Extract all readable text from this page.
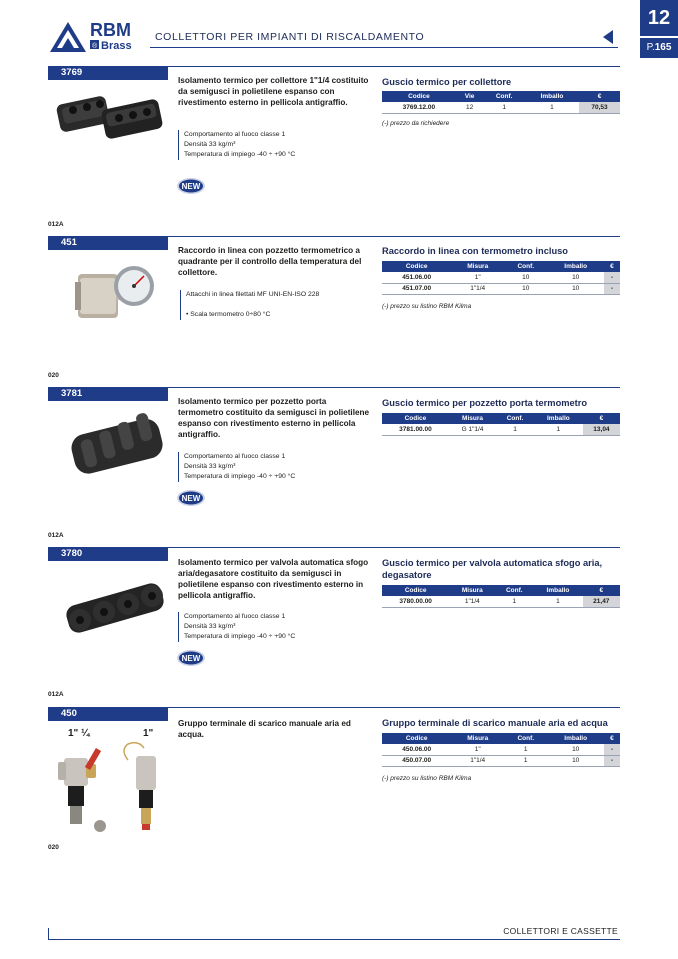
RBM
® Brass
COLLETTORI PER IMPIANTI DI RISCALDAMENTO
12
P.165
3769
Isolamento termico per collettore 1"1/4 costituito da semigusci in polietilene espanso con rivestimento esterno in pellicola antigraffio.
Comportamento al fuoco classe 1
Densità 33 kg/m³
Temperatura di impiego -40 ÷ +90 °C
NEW
Guscio termico per collettore
Codice	Vie	Conf.	Imballo	€
3769.12.00	12	1	1	70,53
(-) prezzo da richiedere
012A
451
Raccordo in linea con pozzetto termometrico a quadrante per il controllo della temperatura del collettore.
Attacchi in linea filettati MF UNI-EN-ISO 228

• Scala termometro 0÷80 °C
Raccordo in linea con termometro incluso
Codice	Misura	Conf.	Imballo	€
451.06.00	1"	10	10	-
451.07.00	1"1/4	10	10	-
(-) prezzo su listino RBM Kilma
020
3781
Isolamento termico per pozzetto porta termometro costituito da semigusci in polietilene espanso con rivestimento esterno in pellicola antigraffio.
Comportamento al fuoco classe 1
Densità 33 kg/m³
Temperatura di impiego -40 ÷ +90 °C
NEW
Guscio termico per pozzetto porta termometro
Codice	Misura	Conf.	Imballo	€
3781.00.00	G 1"1/4	1	1	13,04
012A
3780
Isolamento termico per valvola automatica sfogo aria/degasatore costituito da semigusci in polietilene espanso con rivestimento esterno in pellicola antigraffio.
Comportamento al fuoco classe 1
Densità 33 kg/m³
Temperatura di impiego -40 ÷ +90 °C
NEW
Guscio termico per valvola automatica sfogo aria, degasatore
Codice	Misura	Conf.	Imballo	€
3780.00.00	1"1/4	1	1	21,47
012A
450
1" ¼	1"
Gruppo terminale di scarico manuale aria ed acqua.
Gruppo terminale di scarico manuale aria ed acqua
Codice	Misura	Conf.	Imballo	€
450.06.00	1"	1	10	-
450.07.00	1"1/4	1	10	-
(-) prezzo su listino RBM Kilma
020
COLLETTORI E CASSETTE
